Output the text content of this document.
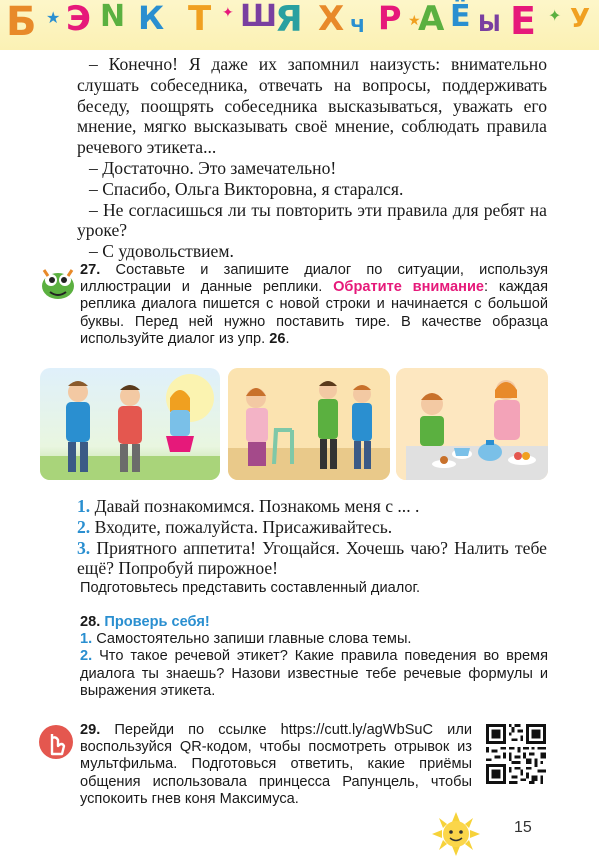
Б ★ Э N К Т ✦ Ш
Я Х Ч Р ★
А Ё Ы Е ✦ У

– Конечно! Я даже их запомнил наизусть: внимательно слушать собеседника, отвечать на вопросы, поддерживать беседу, поощрять собеседника высказываться, уважать его мнение, мягко высказывать своё мнение, соблюдать правила речевого этикета...

– Достаточно. Это замечательно!

– Спасибо, Ольга Викторовна, я старался.

– Не согласишься ли ты повторить эти правила для ребят на уроке?

– С удовольствием.

27. Составьте и запишите диалог по ситуации, используя иллюстрации и данные реплики. Обратите внимание: каждая реплика диалога пишется с новой строки и начинается с большой буквы. Перед ней нужно поставить тире. В качестве образца используйте диалог из упр. 26.

1. Давай познакомимся. Познакомь меня с ... .

2. Входите, пожалуйста. Присаживайтесь.

3. Приятного аппетита! Угощайся. Хочешь чаю? Налить тебе ещё? Попробуй пирожное!

Подготовьтесь представить составленный диалог.

28. Проверь себя!

1. Самостоятельно запиши главные слова темы.

2. Что такое речевой этикет? Какие правила поведения во время диалога ты знаешь? Назови известные тебе речевые формулы и выражения этикета.

29. Перейди по ссылке https://cutt.ly/agWbSuC или воспользуйся QR-кодом, чтобы посмотреть отрывок из мультфильма. Подготовься ответить, какие приёмы общения использовала принцесса Рапунцель, чтобы успокоить гнев коня Максимуса.

15
